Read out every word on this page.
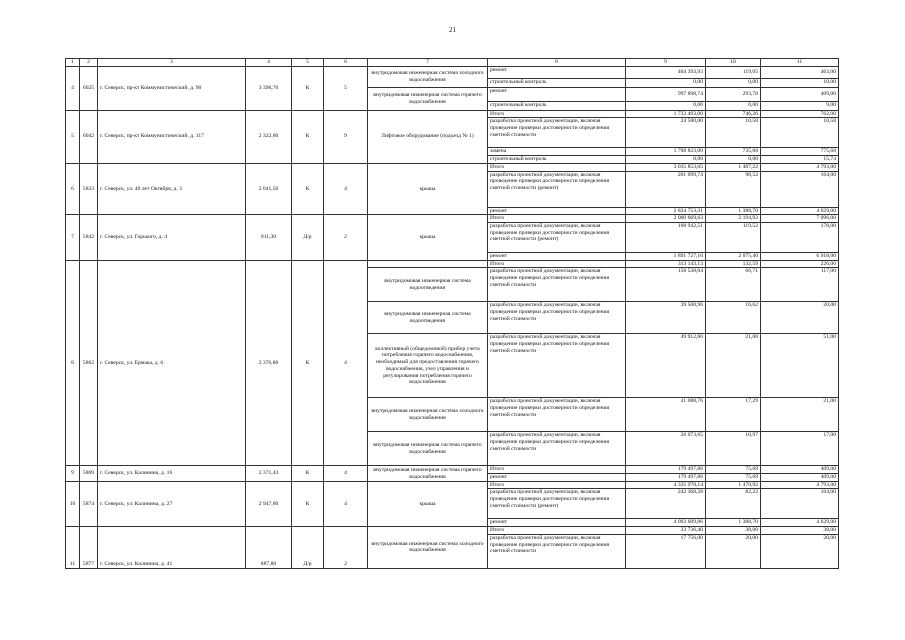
21
1	2	3	4	5	6	7	8	9	10	11
4	6025	г. Северск, пр-кт Коммунистический, д. 90	3 396,70	К	5	внутридомовая инженерная система холодного водоснабжения	ремонт	404 393,93	119,05	463,00
							строительный контроль	0,00	0,00	10,00
						внутридомовая инженерная система горячего водоснабжения	ремонт	997 898,74	293,78	409,00
							строительный контроль	0,00	0,00	9,00
5	6042	г. Северск, пр-кт Коммунистический, д. 117	2 322,80	К	9	Лифтовое оборудование (подъезд № 1)	Итого	1 733 403,00	746,26	762,00
							разработка проектной документации, включая проведение проверки достоверности определения сметной стоимости	24 580,00	10,58	10,58
							замена	1 708 823,00	735,68	775,68
							строительный контроль	0,00	0,00	15,74
6	5833	г. Северск, ул. 40 лет Октября, д. 3	2 041,50	К	4	крыша	Итого	3 035 853,05	1 487,22	4 793,00
							разработка проектной документации, включая проведение проверки достоверности определения сметной стоимости (ремонт)	201 099,74	98,52	164,00
							ремонт	2 834 753,31	1 388,70	4 629,00
7	5842	г. Северск, ул. Горького, д. 4	911,30	Д/р	2	крыша	Итого	2 000 669,63	2 194,92	7 096,00
							разработка проектной документации, включая проведение проверки достоверности определения сметной стоимости (ремонт)	108 942,51	119,52	178,00
							ремонт	1 891 727,10	2 075,40	6 918,00
8	5862	г. Северск, ул. Ермака, д. 6	2 376,80	К	4		Итого	313 143,13	132,59	226,00
						внутридомовая инженерная система водоотведения	разработка проектной документации, включая проведение проверки достоверности определения сметной стоимости	158 538,04	66,71	117,00
						внутридомовая инженерная система водоотведения	разработка проектной документации, включая проведение проверки достоверности определения сметной стоимости	39 508,96	16,62	20,00
						коллективный (общедомовой) прибор учета потребления горячего водоснабжения, необходимый для предоставления горячего водоснабжения, узел управления и регулирования потребления горячего водоснабжения	разработка проектной документации, включая проведение проверки достоверности определения сметной стоимости	49 912,80	21,00	51,00
						внутридомовая инженерная система холодного водоснабжения	разработка проектной документации, включая проведение проверки достоверности определения сметной стоимости	41 088,76	17,29	21,00
						внутридомовая инженерная система горячего водоснабжения	разработка проектной документации, включая проведение проверки достоверности определения сметной стоимости	26 073,65	10,97	17,00
9	5869	г. Северск, ул. Калинина, д. 16	2 371,43	К	4	внутридомовая инженерная система горячего водоснабжения	Итого	179 497,86	75,69	409,00
							ремонт	179 497,86	75,69	409,00
10	5874	г. Северск, ул. Калинина, д. 27	2 947,80	К	4	крыша	Итого	4 335 978,14	1 470,92	4 793,00
							разработка проектной документации, включая проведение проверки достоверности определения сметной стоимости (ремонт)	242 368,28	82,22	164,00
							ремонт	4 093 609,86	1 388,70	4 629,00
11	5877	г. Северск, ул. Калинина, д. 41	887,80	Д/р	2	внутридомовая инженерная система холодного водоснабжения	Итого	33 736,40	38,00	38,00
							разработка проектной документации, включая проведение проверки достоверности определения сметной стоимости	17 756,00	20,00	20,00
